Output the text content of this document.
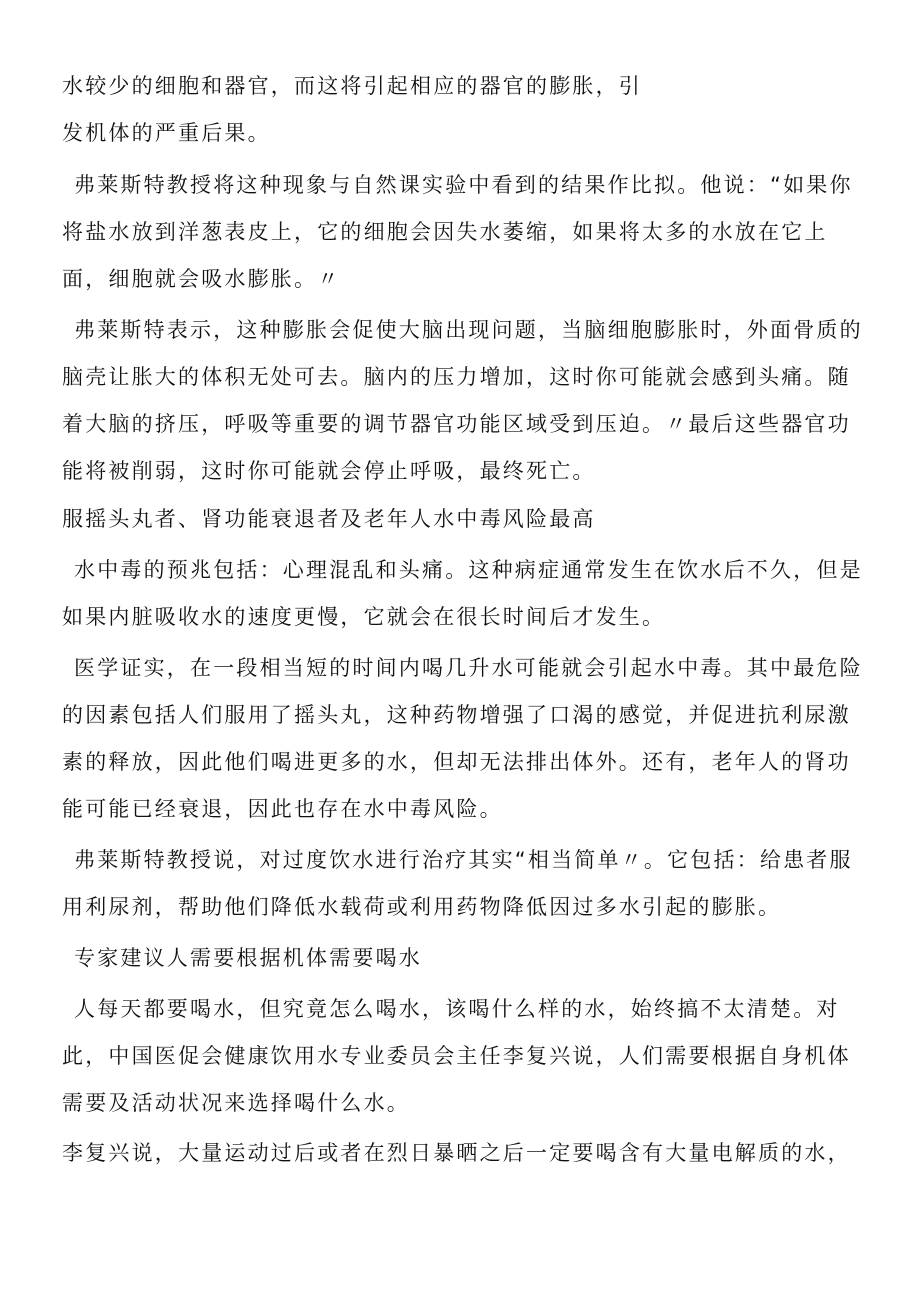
水较少的细胞和器官，而这将引起相应的器官的膨胀，引
发机体的严重后果。
弗莱斯特教授将这种现象与自然课实验中看到的结果作比拟。他说：“如果你
将盐水放到洋葱表皮上，它的细胞会因失水萎缩，如果将太多的水放在它上
面，细胞就会吸水膨胀。〃
弗莱斯特表示，这种膨胀会促使大脑出现问题，当脑细胞膨胀时，外面骨质的
脑壳让胀大的体积无处可去。脑内的压力增加，这时你可能就会感到头痛。随
着大脑的挤压，呼吸等重要的调节器官功能区域受到压迫。〃最后这些器官功
能将被削弱，这时你可能就会停止呼吸，最终死亡。
服摇头丸者、肾功能衰退者及老年人水中毒风险最高
水中毒的预兆包括：心理混乱和头痛。这种病症通常发生在饮水后不久，但是
如果内脏吸收水的速度更慢，它就会在很长时间后才发生。
医学证实，在一段相当短的时间内喝几升水可能就会引起水中毒。其中最危险
的因素包括人们服用了摇头丸，这种药物增强了口渴的感觉，并促进抗利尿激
素的释放，因此他们喝进更多的水，但却无法排出体外。还有，老年人的肾功
能可能已经衰退，因此也存在水中毒风险。
弗莱斯特教授说，对过度饮水进行治疗其实“相当简单〃。它包括：给患者服
用利尿剂，帮助他们降低水载荷或利用药物降低因过多水引起的膨胀。
专家建议人需要根据机体需要喝水
人每天都要喝水，但究竟怎么喝水，该喝什么样的水，始终搞不太清楚。对
此，中国医促会健康饮用水专业委员会主任李复兴说，人们需要根据自身机体
需要及活动状况来选择喝什么水。
李复兴说，大量运动过后或者在烈日暴晒之后一定要喝含有大量电解质的水，
